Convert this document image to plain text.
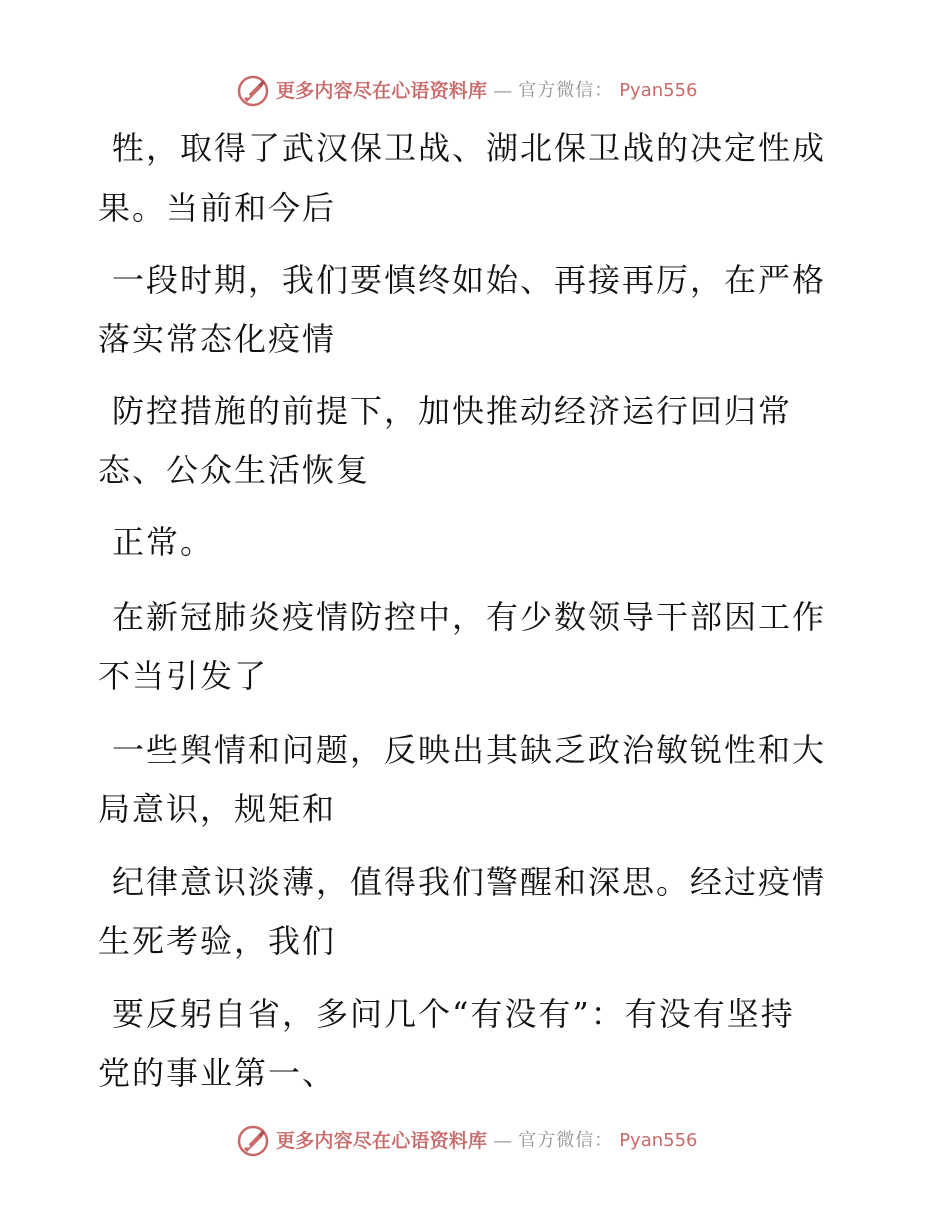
更多内容尽在心语资料库 — 官方微信： Pyan556
牲，取得了武汉保卫战、湖北保卫战的决定性成
果。当前和今后
一段时期，我们要慎终如始、再接再厉，在严格
落实常态化疫情
防控措施的前提下，加快推动经济运行回归常
态、公众生活恢复
正常。
在新冠肺炎疫情防控中，有少数领导干部因工作
不当引发了
一些舆情和问题，反映出其缺乏政治敏锐性和大
局意识，规矩和
纪律意识淡薄，值得我们警醒和深思。经过疫情
生死考验，我们
要反躬自省，多问几个“有没有”：有没有坚持
党的事业第一、
更多内容尽在心语资料库 — 官方微信： Pyan556
